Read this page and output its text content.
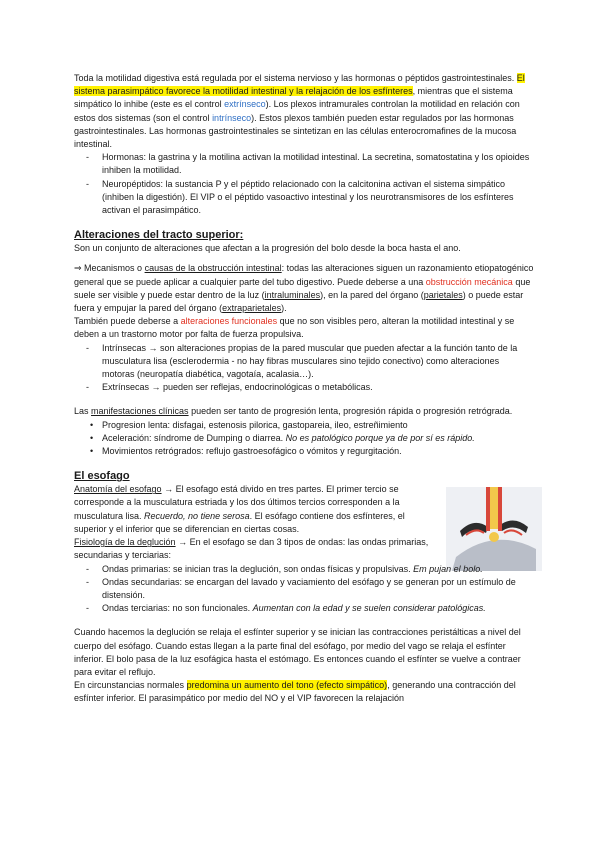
Toda la motilidad digestiva está regulada por el sistema nervioso y las hormonas o péptidos gastrointestinales. El sistema parasimpático favorece la motilidad intestinal y la relajación de los esfínteres, mientras que el sistema simpático lo inhibe (este es el control extrínseco). Los plexos intramurales controlan la motilidad en relación con estos dos sistemas (son el control intrínseco). Estos plexos también pueden estar regulados por las hormonas gastrointestinales. Las hormonas gastrointestinales se sintetizan en las células enterocromafines de la mucosa intestinal.

- Hormonas: la gastrina y la motilina activan la motilidad intestinal. La secretina, somatostatina y los opioides inhiben la motilidad.
- Neuropéptidos: la sustancia P y el péptido relacionado con la calcitonina activan el sistema simpático (inhiben la digestión). El VIP o el péptido vasoactivo intestinal y los neurotransmisores de los esfínteres activan el parasimpático.
Alteraciones del tracto superior:

Son un conjunto de alteraciones que afectan a la progresión del bolo desde la boca hasta el ano.

⇒ Mecanismos o causas de la obstrucción intestinal: todas las alteraciones siguen un razonamiento etiopatogénico general que se puede aplicar a cualquier parte del tubo digestivo. Puede deberse a una obstrucción mecánica que suele ser visible y puede estar dentro de la luz (intraluminales), en la pared del órgano (parietales) o puede estar fuera y empujar la pared del órgano (extraparietales).

También puede deberse a alteraciones funcionales que no son visibles pero, alteran la motilidad intestinal y se deben a un trastorno motor por falta de fuerza propulsiva.

- Intrínsecas → son alteraciones propias de la pared muscular que pueden afectar a la función tanto de la musculatura lisa (esclerodermia - no hay fibras musculares sino tejido conectivo) como alteraciones motoras (neuropatía diabética, vagotaía, acalasia…).
- Extrínsecas → pueden ser reflejas, endocrinológicas o metabólicas.

Las manifestaciones clínicas pueden ser tanto de progresión lenta, progresión rápida o progresión retrógrada.

• Progresion lenta: disfagai, estenosis pilorica, gastopareia, ileo, estreñimiento
• Aceleración: síndrome de Dumping o diarrea. No es patológico porque ya de por sí es rápido.
• Movimientos retrógrados: reflujo gastroesofágico o vómitos y regurgitación.
El esofago

Anatomía del esofago → El esofago está divido en tres partes. El primer tercio se corresponde a la musculatura estriada y los dos últimos tercios corresponden a la musculatura lisa. Recuerdo, no tiene serosa. El esófago contiene dos esfínteres, el superior y el inferior que se diferencian en ciertas cosas.

Fisiología de la deglución → En el esofago se dan 3 tipos de ondas: las ondas primarias, secundarias y terciarias:

- Ondas primarias: se inician tras la deglución, son ondas físicas y propulsivas. Em pujan el bolo.
- Ondas secundarias: se encargan del lavado y vaciamiento del esófago y se generan por un estímulo de distensión.
- Ondas terciarias: no son funcionales. Aumentan con la edad y se suelen considerar patológicas.

Cuando hacemos la deglución se relaja el esfínter superior y se inician las contracciones peristálticas a nivel del cuerpo del esófago. Cuando estas llegan a la parte final del esófago, por medio del vago se relaja el esfínter inferior. El bolo pasa de la luz esofágica hasta el estómago. Es entonces cuando el esfínter se vuelve a contraer para evitar el reflujo.

En circunstancias normales predomina un aumento del tono (efecto simpático), generando una contracción del esfínter inferior. El parasimpático por medio del NO y el VIP favorecen la relajación
